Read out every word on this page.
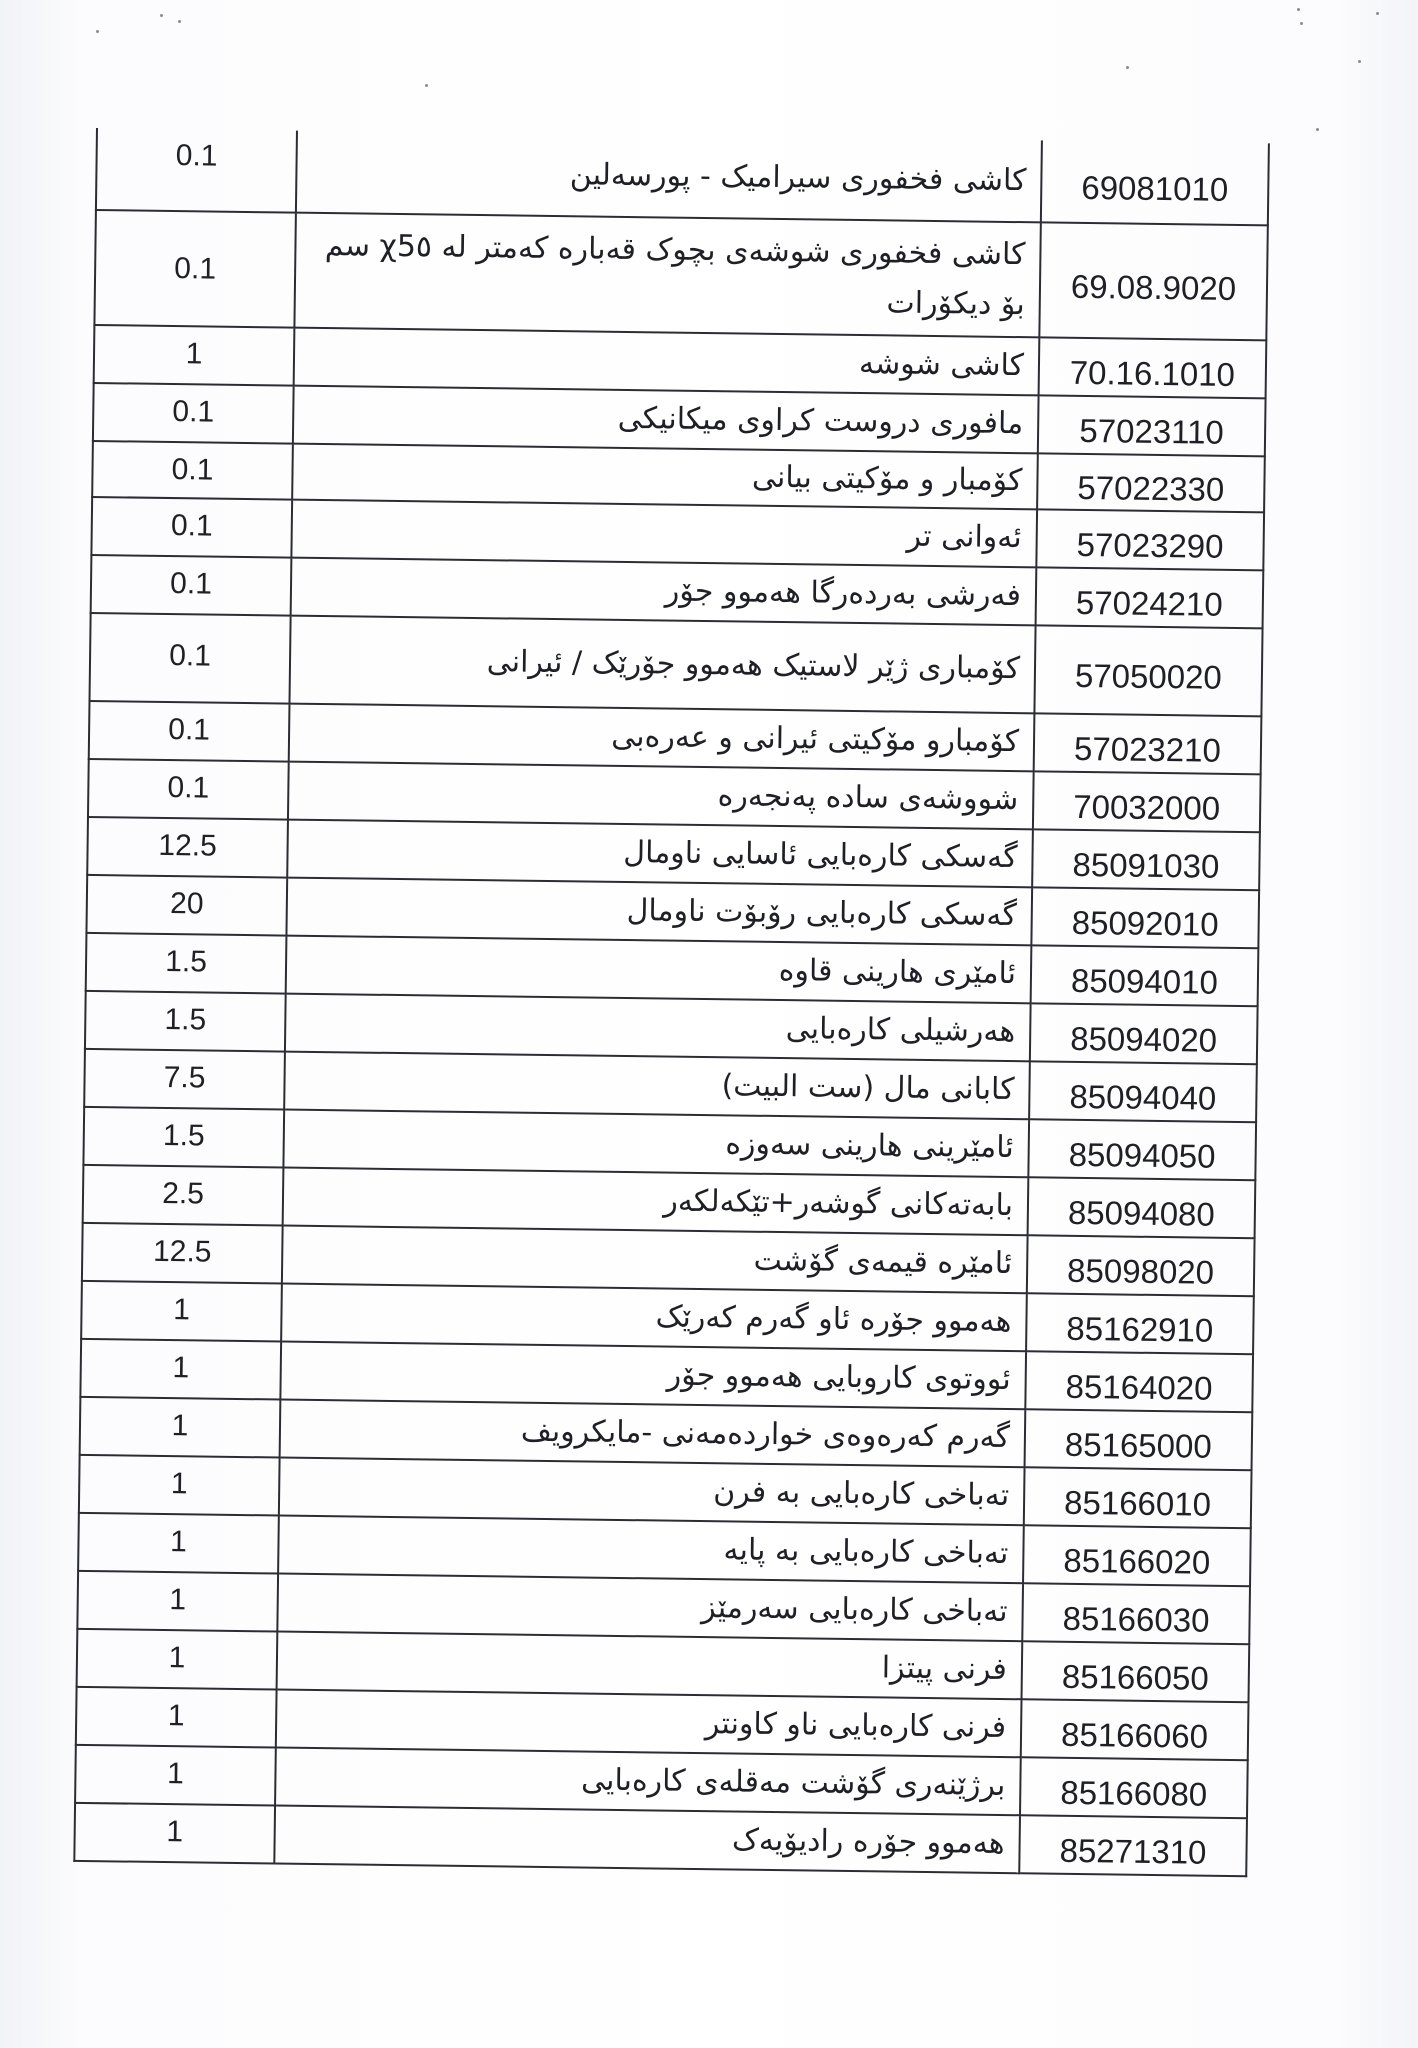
0.1	کاشی فخفوری سیرامیک - پورسەلین	69081010
0.1	کاشی فخفوری شوشەی بچوک قەبارە کەمتر لە χ5٥ سم بۆ دیکۆرات	69.08.9020
1	کاشی شوشە	70.16.1010
0.1	مافوری دروست کراوی میکانیکی	57023110
0.1	کۆمبار و مۆکیتی بیانی	57022330
0.1	ئەوانی تر	57023290
0.1	فەرشی بەردەرگا هەموو جۆر	57024210
0.1	کۆمباری ژێر لاستیک هەموو جۆرێک / ئیرانی	57050020
0.1	کۆمبارو مۆکیتی ئیرانی و عەرەبی	57023210
0.1	شووشەی سادە پەنجەرە	70032000
12.5	گەسکی کارەبایی ئاسایی ناومال	85091030
20	گەسکی کارەبایی رۆبۆت ناومال	85092010
1.5	ئامێری هارینی قاوە	85094010
1.5	هەرشیلی کارەبایی	85094020
7.5	کابانی مال (ست البيت)	85094040
1.5	ئامێرینی هارینی سەوزە	85094050
2.5	بابەتەکانی گوشەر+تێکەلکەر	85094080
12.5	ئامێرە قیمەی گۆشت	85098020
1	هەموو جۆرە ئاو گەرم کەرێک	85162910
1	ئووتوی کاروبایی هەموو جۆر	85164020
1	گەرم کەرەوەی خواردەمەنی -مایکرویف	85165000
1	تەباخی کارەبایی بە فرن	85166010
1	تەباخی کارەبایی بە پایە	85166020
1	تەباخی کارەبایی سەرمێز	85166030
1	فرنی پیتزا	85166050
1	فرنی کارەبایی ناو کاونتر	85166060
1	برژێنەری گۆشت مەقلەی کارەبایی	85166080
1	هەموو جۆرە رادیۆیەک	85271310
